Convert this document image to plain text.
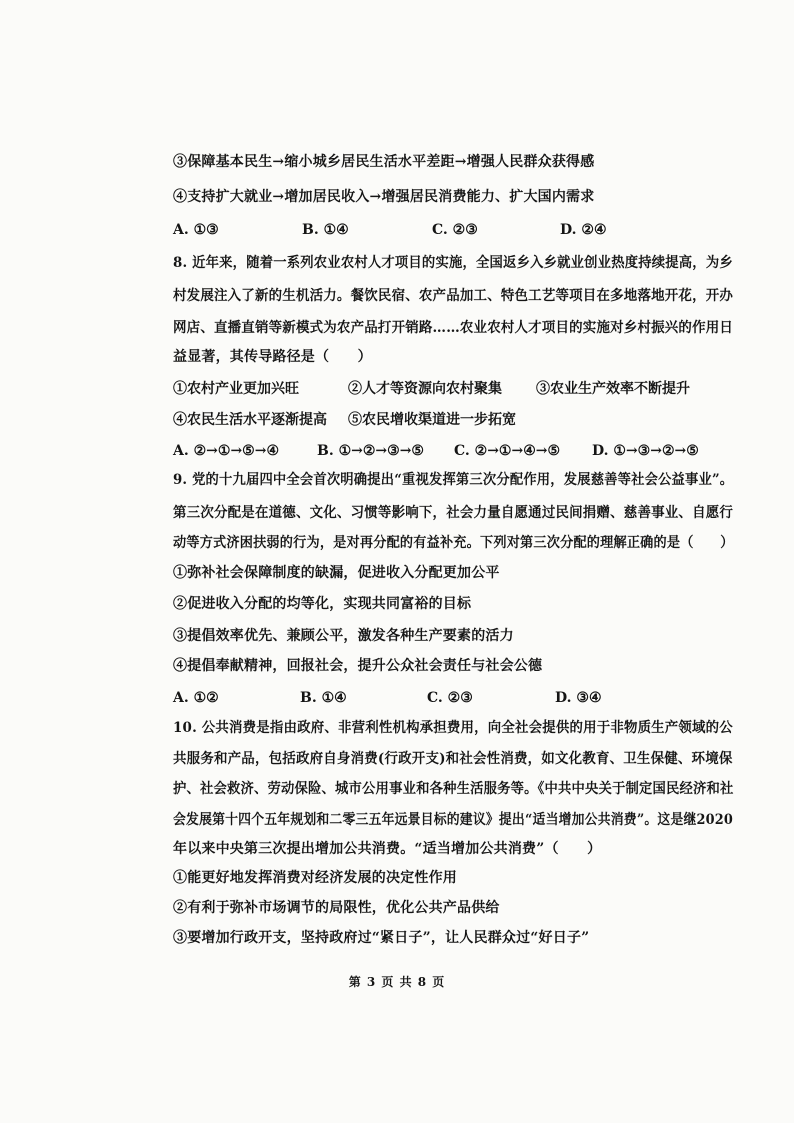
③保障基本民生→缩小城乡居民生活水平差距→增强人民群众获得感
④支持扩大就业→增加居民收入→增强居民消费能力、扩大国内需求
A. ①③	B. ①④	C. ②③	D. ②④
8. 近年来，随着一系列农业农村人才项目的实施，全国返乡入乡就业创业热度持续提高，为乡
村发展注入了新的生机活力。餐饮民宿、农产品加工、特色工艺等项目在多地落地开花，开办
网店、直播直销等新模式为农产品打开销路……农业农村人才项目的实施对乡村振兴的作用日
益显著，其传导路径是（　　）
①农村产业更加兴旺	②人才等资源向农村聚集 ③农业生产效率不断提升
④农民生活水平逐渐提高 ⑤农民增收渠道进一步拓宽
A. ②→①→⑤→④	B. ①→②→③→⑤ C. ②→①→④→⑤ D. ①→③→②→⑤
9. 党的十九届四中全会首次明确提出“重视发挥第三次分配作用，发展慈善等社会公益事业”。
第三次分配是在道德、文化、习惯等影响下，社会力量自愿通过民间捐赠、慈善事业、自愿行
动等方式济困扶弱的行为，是对再分配的有益补充。下列对第三次分配的理解正确的是（　　）
①弥补社会保障制度的缺漏，促进收入分配更加公平
②促进收入分配的均等化，实现共同富裕的目标
③提倡效率优先、兼顾公平，激发各种生产要素的活力
④提倡奉献精神，回报社会，提升公众社会责任与社会公德
A. ①②	B. ①④	C. ②③	D. ③④
10. 公共消费是指由政府、非营利性机构承担费用，向全社会提供的用于非物质生产领域的公
共服务和产品，包括政府自身消费(行政开支)和社会性消费，如文化教育、卫生保健、环境保
护、社会救济、劳动保险、城市公用事业和各种生活服务等。《中共中央关于制定国民经济和社
会发展第十四个五年规划和二零三五年远景目标的建议》提出“适当增加公共消费”。这是继2020
年以来中央第三次提出增加公共消费。“适当增加公共消费”（　　）
①能更好地发挥消费对经济发展的决定性作用
②有利于弥补市场调节的局限性，优化公共产品供给
③要增加行政开支，坚持政府过“紧日子”，让人民群众过“好日子”
第 3 页 共 8 页
